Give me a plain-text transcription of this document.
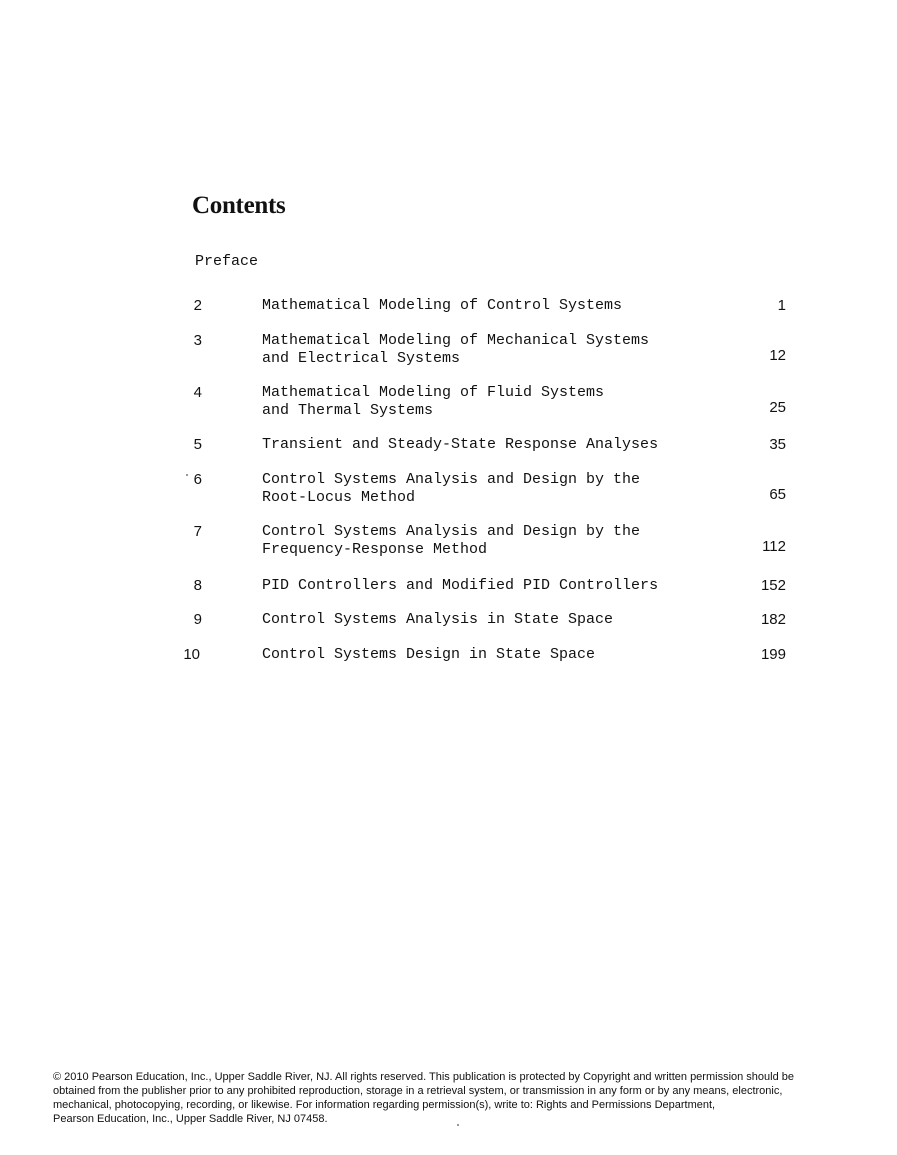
Contents
Preface
2	Mathematical Modeling of Control Systems	1
3	Mathematical Modeling of Mechanical Systems
and Electrical Systems	12
4	Mathematical Modeling of Fluid Systems
and Thermal Systems	25
5	Transient and Steady-State Response Analyses	35
6	Control Systems Analysis and Design by the
Root-Locus Method	65
7	Control Systems Analysis and Design by the
Frequency-Response Method	112
8	PID Controllers and Modified PID Controllers	152
9	Control Systems Analysis in State Space	182
10	Control Systems Design in State Space	199
© 2010 Pearson Education, Inc., Upper Saddle River, NJ. All rights reserved. This publication is protected by Copyright and written permission should be
obtained from the publisher prior to any prohibited reproduction, storage in a retrieval system, or transmission in any form or by any means, electronic,
mechanical, photocopying, recording, or likewise. For information regarding permission(s), write to: Rights and Permissions Department,
Pearson Education, Inc., Upper Saddle River, NJ 07458.
